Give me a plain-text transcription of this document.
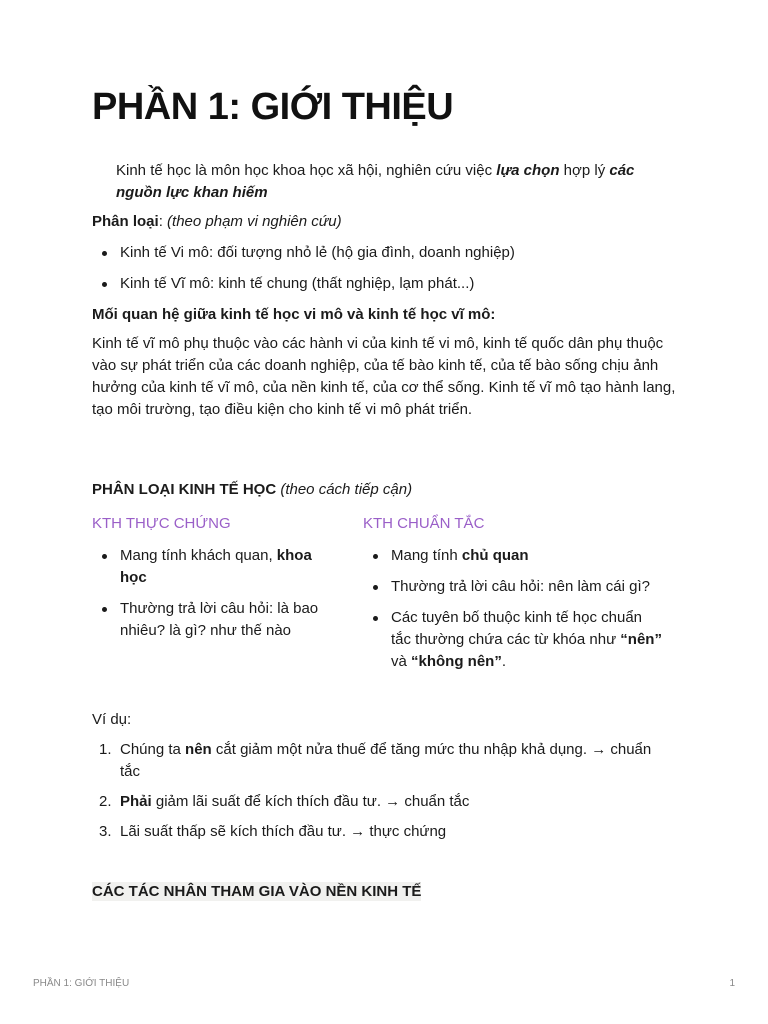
PHẦN 1: GIỚI THIỆU
Kinh tế học là môn học khoa học xã hội, nghiên cứu việc lựa chọn hợp lý các nguồn lực khan hiếm
Phân loại: (theo phạm vi nghiên cứu)
Kinh tế Vi mô: đối tượng nhỏ lẻ (hộ gia đình, doanh nghiệp)
Kinh tế Vĩ mô: kinh tế chung (thất nghiệp, lạm phát...)
Mối quan hệ giữa kinh tế học vi mô và kinh tế học vĩ mô:
Kinh tế vĩ mô phụ thuộc vào các hành vi của kinh tế vi mô, kinh tế quốc dân phụ thuộc vào sự phát triển của các doanh nghiệp, của tế bào kinh tế, của tế bào sống chịu ảnh hưởng của kinh tế vĩ mô, của nền kinh tế, của cơ thể sống. Kinh tế vĩ mô tạo hành lang, tạo môi trường, tạo điều kiện cho kinh tế vi mô phát triển.
PHÂN LOẠI KINH TẾ HỌC (theo cách tiếp cận)
KTH THỰC CHỨNG
Mang tính khách quan, khoa học
Thường trả lời câu hỏi: là bao nhiêu? là gì? như thế nào
KTH CHUẨN TẮC
Mang tính chủ quan
Thường trả lời câu hỏi: nên làm cái gì?
Các tuyên bố thuộc kinh tế học chuẩn tắc thường chứa các từ khóa như “nên” và “không nên”.
Ví dụ:
1. Chúng ta nên cắt giảm một nửa thuế để tăng mức thu nhập khả dụng. → chuẩn tắc
2. Phải giảm lãi suất để kích thích đầu tư. → chuẩn tắc
3. Lãi suất thấp sẽ kích thích đầu tư. → thực chứng
CÁC TÁC NHÂN THAM GIA VÀO NỀN KINH TẾ
PHẦN 1: GIỚI THIỆU	1
